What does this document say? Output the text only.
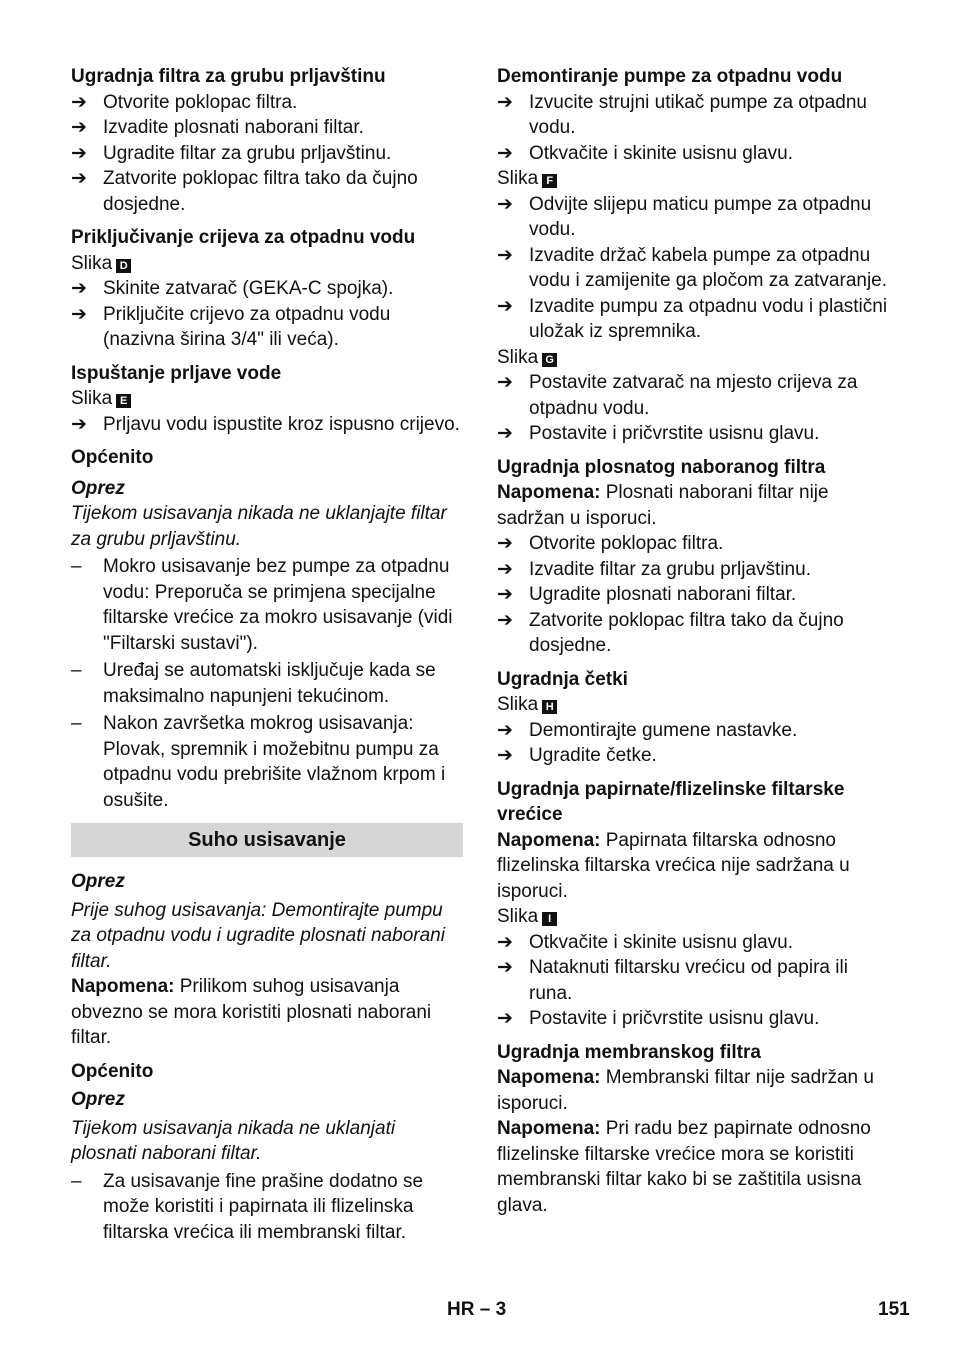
Ugradnja filtra za grubu prljavštinu

➔ Otvorite poklopac filtra.
➔ Izvadite plosnati naborani filtar.
➔ Ugradite filtar za grubu prljavštinu.
➔ Zatvorite poklopac filtra tako da čujno dosjedne.

Priključivanje crijeva za otpadnu vodu

Slika D

➔ Skinite zatvarač (GEKA-C spojka).
➔ Priključite crijevo za otpadnu vodu (nazivna širina 3/4" ili veća).

Ispuštanje prljave vode

Slika E

➔ Prljavu vodu ispustite kroz ispusno crijevo.

Općenito

Oprez

Tijekom usisavanja nikada ne uklanjajte filtar za grubu prljavštinu.

– Mokro usisavanje bez pumpe za otpadnu vodu: Preporuča se primjena specijalne filtarske vrećice za mokro usisavanje (vidi "Filtarski sustavi").
– Uređaj se automatski isključuje kada se maksimalno napunjeni tekućinom.
– Nakon završetka mokrog usisavanja: Plovak, spremnik i možebitnu pumpu za otpadnu vodu prebrišite vlažnom krpom i osušite.
Suho usisavanje

Oprez

Prije suhog usisavanja: Demontirajte pumpu za otpadnu vodu i ugradite plosnati naborani filtar.

Napomena: Prilikom suhog usisavanja obvezno se mora koristiti plosnati naborani filtar.

Općenito

Oprez

Tijekom usisavanja nikada ne uklanjati plosnati naborani filtar.

– Za usisavanje fine prašine dodatno se može koristiti i papirnata ili flizelinska filtarska vrećica ili membranski filtar.

Demontiranje pumpe za otpadnu vodu

➔ Izvucite strujni utikač pumpe za otpadnu vodu.
➔ Otkvačite i skinite usisnu glavu.

Slika F

➔ Odvijte slijepu maticu pumpe za otpadnu vodu.
➔ Izvadite držač kabela pumpe za otpadnu vodu i zamijenite ga pločom za zatvaranje.
➔ Izvadite pumpu za otpadnu vodu i plastični uložak iz spremnika.

Slika G

➔ Postavite zatvarač na mjesto crijeva za otpadnu vodu.
➔ Postavite i pričvrstite usisnu glavu.

Ugradnja plosnatog naboranog filtra

Napomena: Plosnati naborani filtar nije sadržan u isporuci.

➔ Otvorite poklopac filtra.
➔ Izvadite filtar za grubu prljavštinu.
➔ Ugradite plosnati naborani filtar.
➔ Zatvorite poklopac filtra tako da čujno dosjedne.

Ugradnja četki

Slika H

➔ Demontirajte gumene nastavke.
➔ Ugradite četke.

Ugradnja papirnate/flizelinske filtarske vrećice

Napomena: Papirnata filtarska odnosno flizelinska filtarska vrećica nije sadržana u isporuci.

Slika I

➔ Otkvačite i skinite usisnu glavu.
➔ Nataknuti filtarsku vrećicu od papira ili runa.
➔ Postavite i pričvrstite usisnu glavu.

Ugradnja membranskog filtra

Napomena: Membranski filtar nije sadržan u isporuci.

Napomena: Pri radu bez papirnate odnosno flizelinske filtarske vrećice mora se koristiti membranski filtar kako bi se zaštitila usisna glava.

HR – 3	151
